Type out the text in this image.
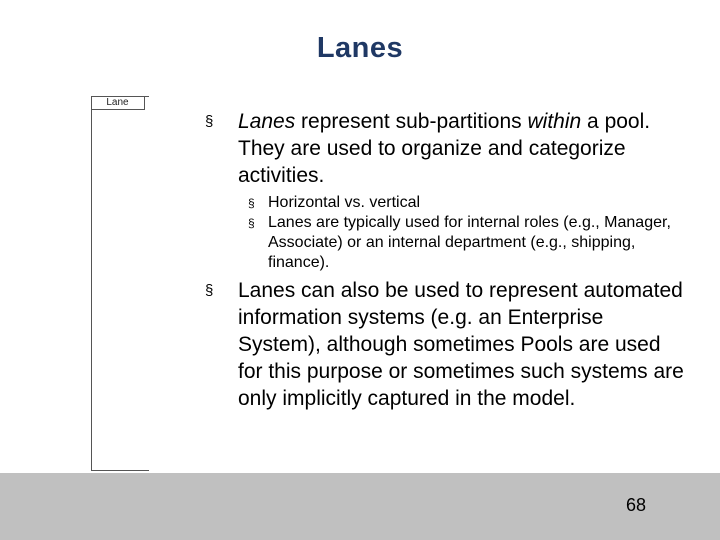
Lanes
Lane
§ Lanes represent sub-partitions within a pool. They are used to organize and categorize activities.
§ Horizontal vs. vertical
§ Lanes are typically used for internal roles (e.g., Manager, Associate) or an internal department (e.g., shipping, finance).
§ Lanes can also be used to represent automated information systems (e.g. an Enterprise System), although sometimes Pools are used for this purpose or sometimes such systems are only implicitly captured in the model.
68
